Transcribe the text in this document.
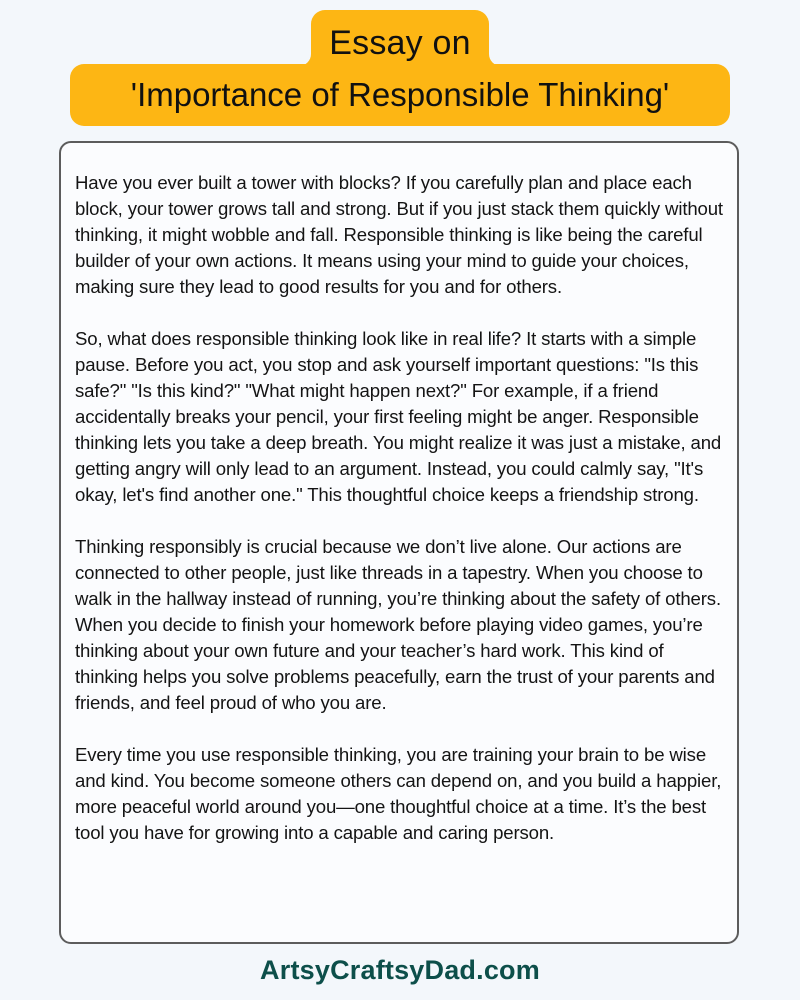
Essay on
'Importance of Responsible Thinking'

Have you ever built a tower with blocks? If you carefully plan and place each block, your tower grows tall and strong. But if you just stack them quickly without thinking, it might wobble and fall. Responsible thinking is like being the careful builder of your own actions. It means using your mind to guide your choices, making sure they lead to good results for you and for others.

So, what does responsible thinking look like in real life? It starts with a simple pause. Before you act, you stop and ask yourself important questions: "Is this safe?" "Is this kind?" "What might happen next?" For example, if a friend accidentally breaks your pencil, your first feeling might be anger. Responsible thinking lets you take a deep breath. You might realize it was just a mistake, and getting angry will only lead to an argument. Instead, you could calmly say, "It's okay, let's find another one." This thoughtful choice keeps a friendship strong.

Thinking responsibly is crucial because we don’t live alone. Our actions are connected to other people, just like threads in a tapestry. When you choose to walk in the hallway instead of running, you’re thinking about the safety of others. When you decide to finish your homework before playing video games, you’re thinking about your own future and your teacher’s hard work. This kind of thinking helps you solve problems peacefully, earn the trust of your parents and friends, and feel proud of who you are.

Every time you use responsible thinking, you are training your brain to be wise and kind. You become someone others can depend on, and you build a happier, more peaceful world around you—one thoughtful choice at a time. It’s the best tool you have for growing into a capable and caring person.

ArtsyCraftsyDad.com
